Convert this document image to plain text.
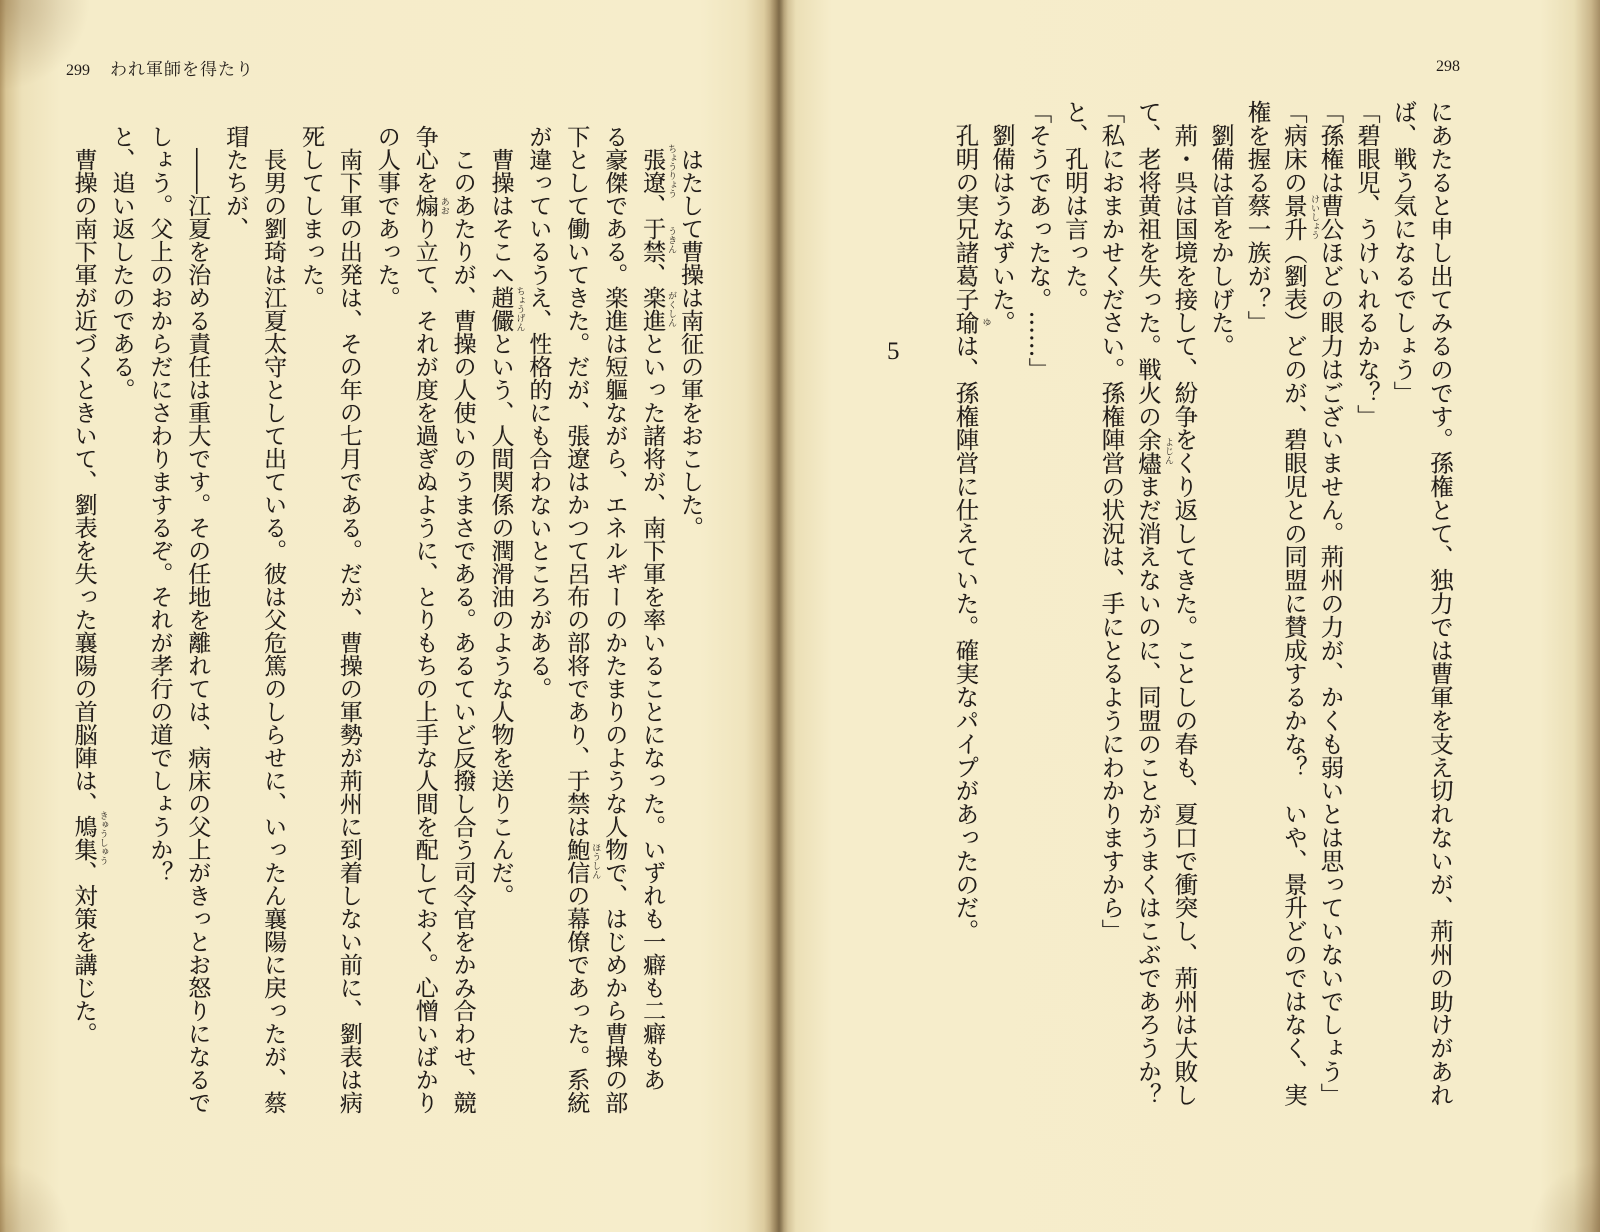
299 われ軍師を得たり
　はたして曹操は南征の軍をおこした。
　張遼 ちょうりょう
、于禁 うきん
、楽進 がくしん
といった諸将が、南下軍を率いることになった。いずれも一癖も二癖もあ
る豪傑である。楽進は短軀ながら、エネルギーのかたまりのような人物で、はじめから曹操の部
下として働いてきた。だが、張遼はかつて呂布の部将であり、于禁は鮑信 ほうしん
の幕僚であった。系統
が違っているうえ、性格的にも合わないところがある。
　曹操はそこへ趙儼 ちょうげん
という、人間関係の潤滑油のような人物を送りこんだ。
　このあたりが、曹操の人使いのうまさである。あるていど反撥し合う司令官をかみ合わせ、競
争心を煽 あお
り立て、それが度を過ぎぬように、とりもちの上手な人間を配しておく。心憎いばかり
の人事であった。
　南下軍の出発は、その年の七月である。だが、曹操の軍勢が荊州に到着しない前に、劉表は病
死してしまった。
　長男の劉琦は江夏太守として出ている。彼は父危篤のしらせに、いったん襄陽に戻ったが、蔡
瑁たちが、
　――江夏を治める責任は重大です。その任地を離れては、病床の父上がきっとお怒りになるで
しょう。父上のおからだにさわりまするぞ。それが孝行の道でしょうか？
と、追い返したのである。
　曹操の南下軍が近づくときいて、劉表を失った襄陽の首脳陣は、鳩集 きゅうしゅう
、対策を講じた。
298
5	にあたると申し出てみるのです。孫権とて、独力では曹軍を支え切れないが、荊州の助けがあれ
ば、戦う気になるでしょう」
「碧眼児、うけいれるかな？」
「孫権は曹公ほどの眼力はございません。荊州の力が、かくも弱いとは思っていないでしょう」
「病床の景升 けいしょう
（劉表）どのが、碧眼児との同盟に賛成するかな？　いや、景升どのではなく、実
権を握る蔡一族が？」
　劉備は首をかしげた。
　荊・呉は国境を接して、紛争をくり返してきた。ことしの春も、夏口で衝突し、荊州は大敗し
て、老将黄祖を失った。戦火の余燼 よじん
まだ消えないのに、同盟のことがうまくはこぶであろうか？
「私におまかせください。孫権陣営の状況は、手にとるようにわかりますから」
と、孔明は言った。
「そうであったな。……」
　劉備はうなずいた。
　孔明の実兄諸葛子瑜 ゆ
は、孫権陣営に仕えていた。確実なパイプがあったのだ。
